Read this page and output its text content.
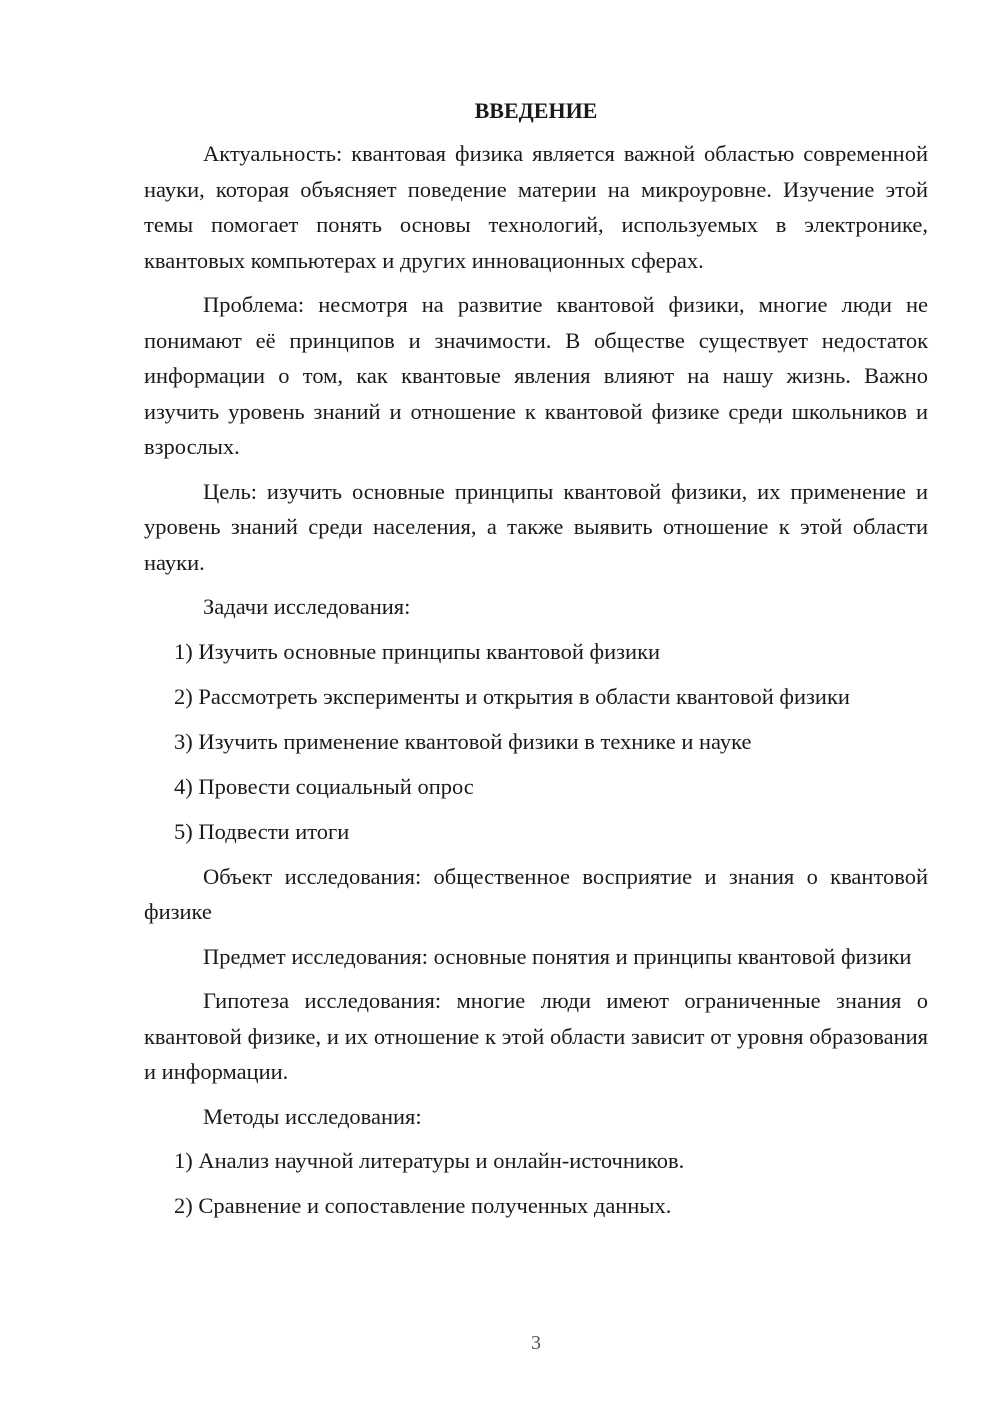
ВВЕДЕНИЕ

Актуальность: квантовая физика является важной областью современной науки, которая объясняет поведение материи на микроуровне. Изучение этой темы помогает понять основы технологий, используемых в электронике, квантовых компьютерах и других инновационных сферах.

Проблема: несмотря на развитие квантовой физики, многие люди не понимают её принципов и значимости. В обществе существует недостаток информации о том, как квантовые явления влияют на нашу жизнь. Важно изучить уровень знаний и отношение к квантовой физике среди школьников и взрослых.

Цель: изучить основные принципы квантовой физики, их применение и уровень знаний среди населения, а также выявить отношение к этой области науки.

Задачи исследования:

1) Изучить основные принципы квантовой физики

2) Рассмотреть эксперименты и открытия в области квантовой физики

3) Изучить применение квантовой физики в технике и науке

4) Провести социальный опрос

5) Подвести итоги

Объект исследования: общественное восприятие и знания о квантовой физике

Предмет исследования: основные понятия и принципы квантовой физики

Гипотеза исследования: многие люди имеют ограниченные знания о квантовой физике, и их отношение к этой области зависит от уровня образования и информации.

Методы исследования:

1) Анализ научной литературы и онлайн-источников.

2) Сравнение и сопоставление полученных данных.

3
